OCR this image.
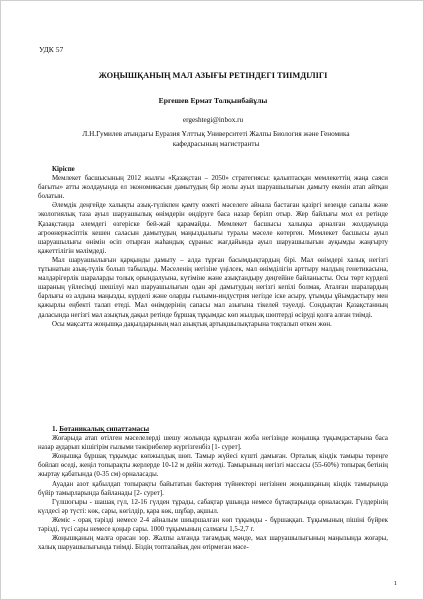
УДК 57
ЖОҢЫШҚАНЫҢ МАЛ АЗЫҒЫ РЕТІНДЕГІ ТИІМДІЛІГІ
Ергешев Ермат Толқынбайұлы
ergeshtegi@inbox.ru
Л.Н.Гумилев атындағы Еуразия Ұлттық Университеті Жалпы Биология және Геномика кафедрасының магистранты

Кіріспе

Мемлекет басшысының 2012 жылғы «Қазақстан – 2050» стратегиясы: қалыптасқан мемлекеттің жаңа саяси бағыты» атты жолдауында ел экономикасын дамытудың бір жолы ауыл шаруашылығын дамыту екенін атап айтқан болатын.

Әлемдік деңгейде халықты азық-түлікпен қамту өзекті мәселеге айнала бастаған қазіргі кезеңде сапалы және экологиялық таза ауыл шаруашылық өнімдерін өндіруге баса назар берілп отыр. Жер байлығы мол ел ретінде Қазақстанда әлемдегі өзгеріске бей-жай қарамайды. Мемлекет басшысы халықка арналған жолдауында агроөнеркәсіптік кешен саласын дамытудың маңыздылығы туралы мәселе көтерген. Мемлекет басшысы ауыл шаруашылығы өнімін өсіп отырған жаһандық сұраныс жағдайында ауыл шаруашылығын ауқымды жаңғырту қажеттілігін мәлімдеді.

Мал шаруашылығын қарқынды дамыту – алда тұрған басымдықтардың бірі. Мал өнімдері халық негізгі тұтынатын азық-түлік болып табылады. Мәселенің негізіне үңілсек, мал өнімділігін арттыру малдың генетикасына, малдәрігерлік шараларды толық орындалуына, күтіміне және азықтандыру деңгейіне байланысты. Осы төрт күрделі шараның үйлесімді шешілуі мал шаруашылығын одан әрі дамытудың негізгі кепілі болмақ. Аталған шаралардың барлығы өз алдына маңызды, күрделі және оларды ғылыми-индустрия негізде іске асыру, ұтымды ұйымдастыру мен қажырлы еңбекті талап етеді. Мал өнімдерінің сапасы мал азығына тікелей тәуелді. Сондықтан Қазақстанның даласында негізгі мал азықтық дақыл ретінде бұршақ тұқымдас көп жылдық шөптерді өсіруді қолға алған тиімді.

Осы мақсатта жоңышқа дақылдарының мал азықтық артықшылықтарына тоқталып өткен жөн.

1. Ботаникалық сипаттамасы

Жоғарыда атап өтілген мәселелерді шешу жолында құрылған жоба негізінде жоңышқа тұқымдастарына баса назар аударып кішігірім ғылыми тәжірибелер жүргізгенбіз [1- сурет].

Жоңышқа бұршақ тұқымдас көпжылдық шөп. Тамыр жүйесі күшті дамыған. Орталық кіндік тамыры тереңге бойлап өседі, жеңіл топырақты жерлерде 10-12 м дейін жетеді. Тамырының негізгі массасы (55-60%) топырақ бетінің жыртау қабатында (0-35 см) орналасады.

Ауадан азот қабылдап топырақты байытатын бактерия түйнектері негізінен жоңышқаның кіндік тамырында бүйір тамырларында байланады [2- сурет].

Гүлшоғыры - шашақ гүл, 12-16 гүлден тұрады, сабақтар ұшында немесе бұтақтарында орналасқан. Гүлдерінің күлдесі әр түсті: көк, сары, көгілдір, қара көк, шұбар, ақшыл.

Жеміс - орақ тәрізді немесе 2-4 айналым шиыршалған көп тұқымды - бұршаққап. Тұқымының пішіні бүйрек тәрізді, түсі сары немесе қоңыр сары. 1000 тұқымының салмағы 1,5-2,7 г.

Жоңышқаның малға орасан зор. Жалпы алғанда тағамдық мәнде, мал шаруашылығының маңызында жоғары, халық шаруашылығында тиімді. Біздің топталайық ден өтірмеган мәсе-

1
